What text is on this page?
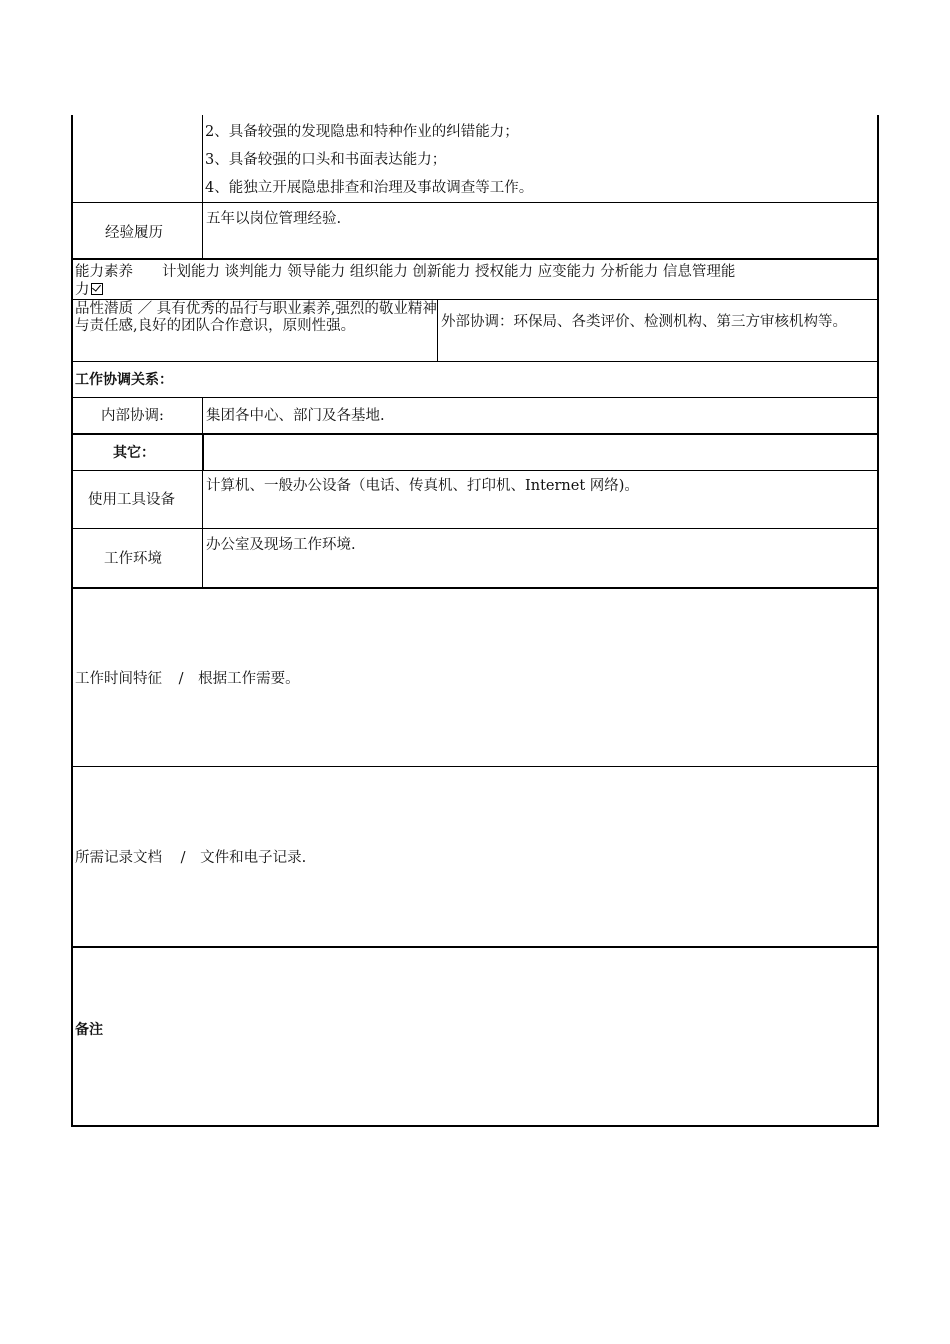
2、具备较强的发现隐患和特种作业的纠错能力；
3、具备较强的口头和书面表达能力；
4、能独立开展隐患排查和治理及事故调查等工作。
经验履历
五年以岗位管理经验.
能力素养　　计划能力 谈判能力 领导能力 组织能力 创新能力 授权能力 应变能力 分析能力 信息管理能
力
品性潜质 ／ 具有优秀的品行与职业素养,强烈的敬业精神与责任感,良好的团队合作意识，原则性强。	外部协调：环保局、各类评价、检测机构、第三方审核机构等。
工作协调关系：
内部协调:	集团各中心、部门及各基地.
其它：
使用工具设备
计算机、一般办公设备（电话、传真机、打印机、Internet 网络)。
工作环境
办公室及现场工作环境.
工作时间特征 / 根据工作需要。
所需记录文档 / 文件和电子记录.
备注
